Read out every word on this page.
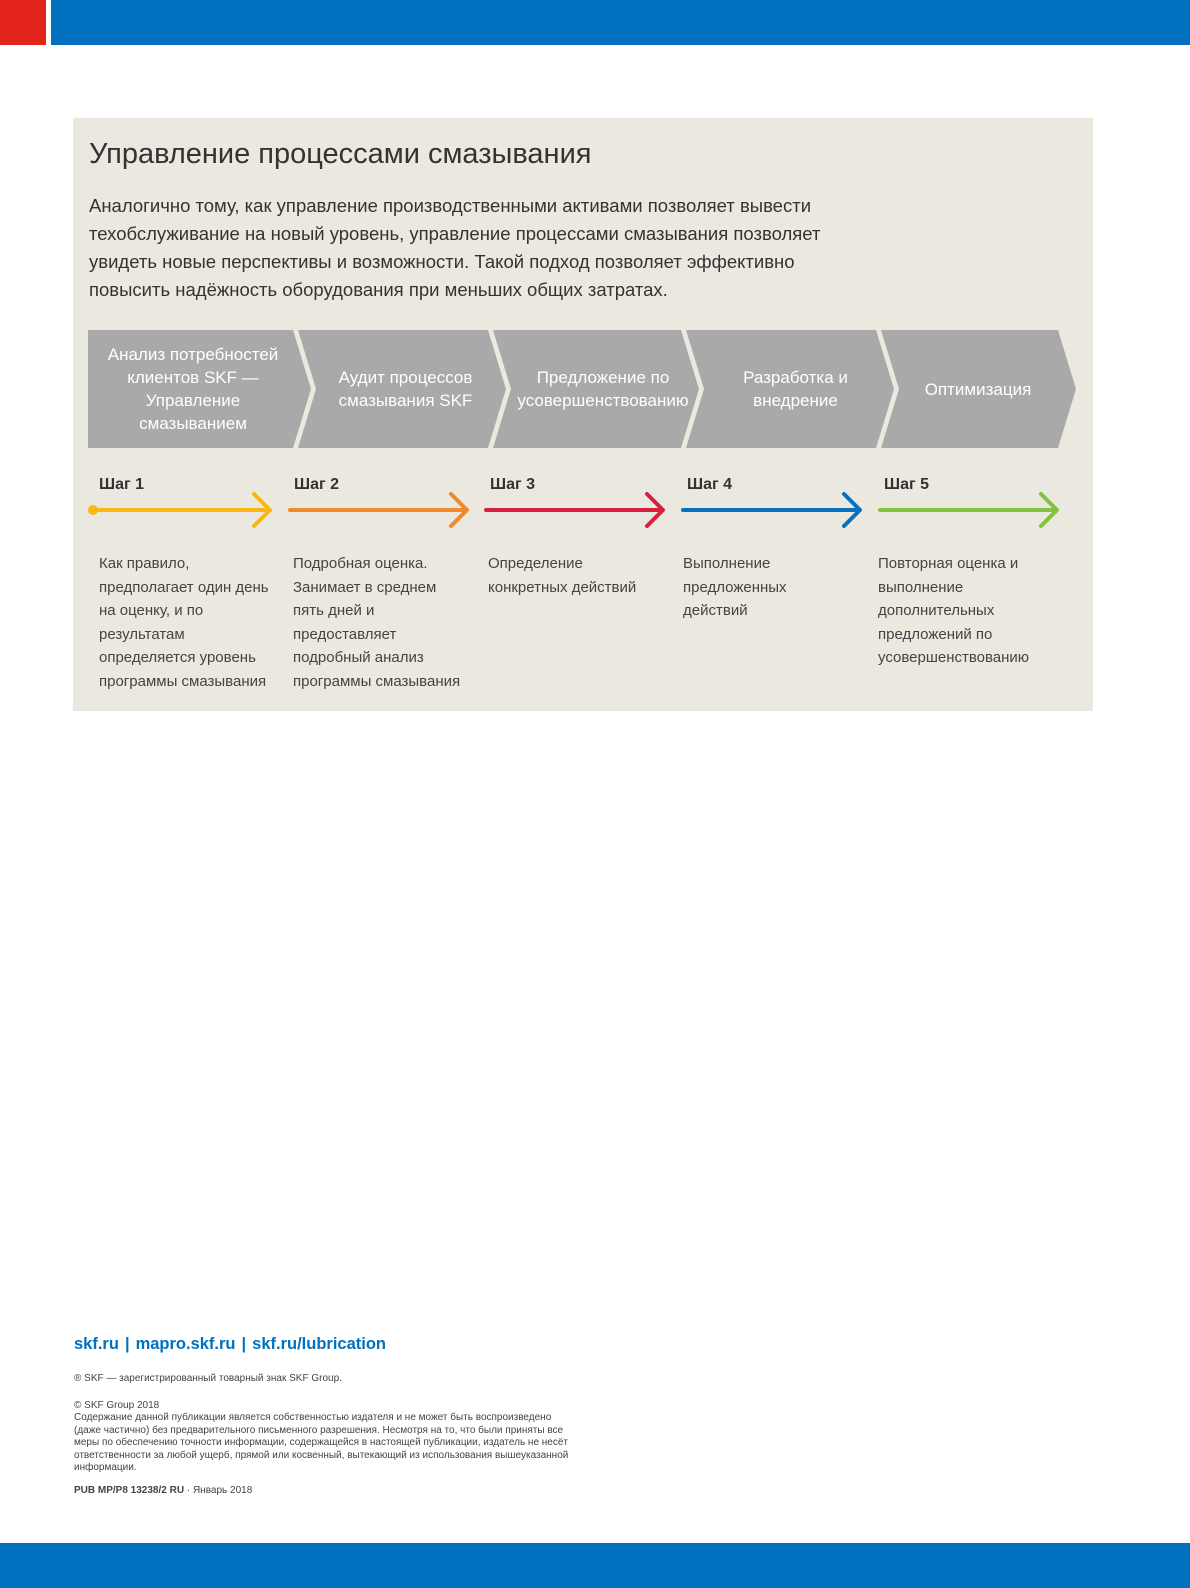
Управление процессами смазывания

Аналогично тому, как управление производственными активами позволяет вывести техобслуживание на новый уровень, управление процессами смазывания позволяет увидеть новые перспективы и возможности. Такой подход позволяет эффективно повысить надёжность оборудования при меньших общих затратах.

Анализ потребностей клиентов SKF — Управление смазыванием
Аудит процессов смазывания SKF
Предложение по усовершенствованию
Разработка и внедрение
Оптимизация
Шаг 1	Шаг 2	Шаг 3	Шаг 4	Шаг 5

Как правило, предполагает один день на оценку, и по результатам определяется уровень программы смазывания

Подробная оценка. Занимает в среднем пять дней и предоставляет подробный анализ программы смазывания

Определение конкретных действий

Выполнение предложенных действий

Повторная оценка и выполнение дополнительных предложений по усовершенствованию

skf.ru | mapro.skf.ru | skf.ru/lubrication

® SKF — зарегистрированный товарный знак SKF Group.

© SKF Group 2018

Содержание данной публикации является собственностью издателя и не может быть воспроизведено (даже частично) без предварительного письменного разрешения. Несмотря на то, что были приняты все меры по обеспечению точности информации, содержащейся в настоящей публикации, издатель не несёт ответственности за любой ущерб, прямой или косвенный, вытекающий из использования вышеуказанной информации.

PUB MP/P8 13238/2 RU · Январь 2018
